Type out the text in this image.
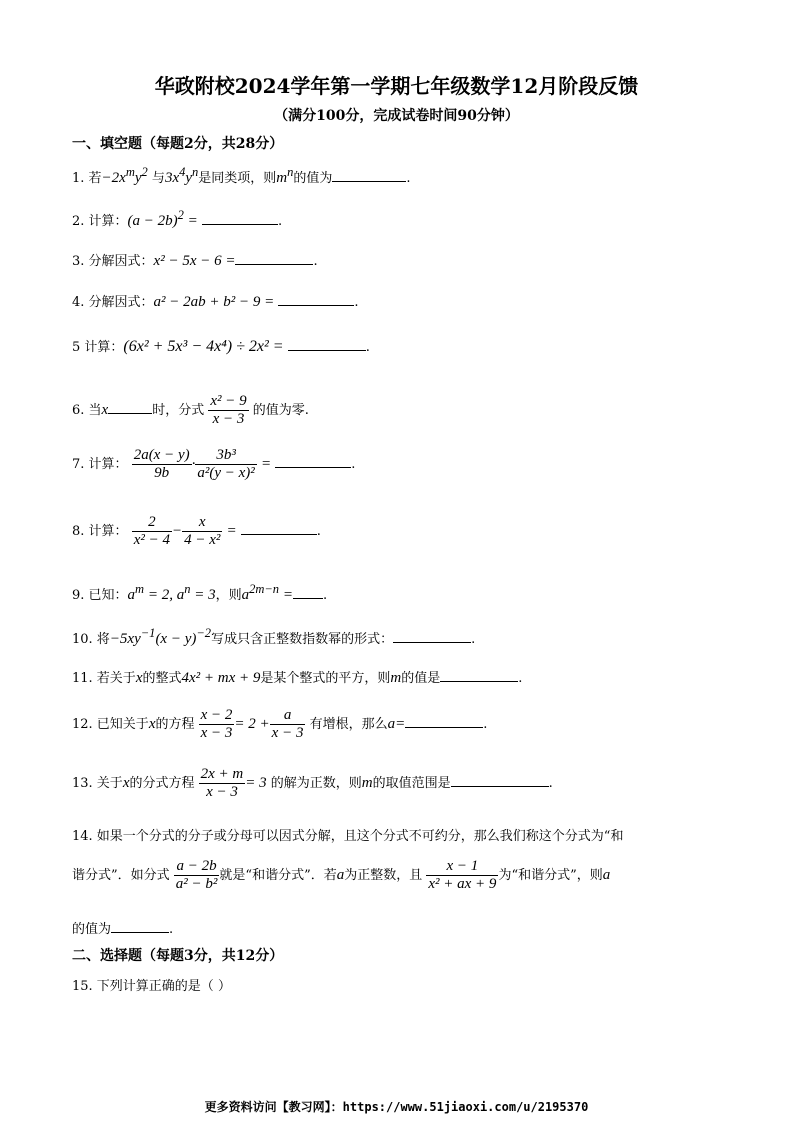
华政附校2024学年第一学期七年级数学12月阶段反馈
（满分100分，完成试卷时间90分钟）
一、填空题（每题2分，共28分）
1. 若$-2x^my^2$ 与$3x^4y^n$是同类项，则$m^n$的值为	.
2. 计算：$(a - 2b)^2$ =	.
3. 分解因式：x² − 5x − 6 =	.
4. 分解因式：a² − 2ab + b² − 9 =	.
5 计算：(6x² + 5x³ − 4x⁴) ÷ 2x² =	.
6. 当x	时，分式 $\frac{\text{x² − 9}}{x - 3}$ 的值为零.
7. 计算： $\frac{2a(x - y)}{9b} \cdot \frac{\text{3b³}}{\text{a²(y − x)²}}$ =	.
8. 计算： $\frac{2}{\text{x² − 4}} - \frac{x}{\text{4 − x²}}$ =	.
9. 已知：$a^m = 2$, $a^n = 3$，则$a^{2m-n}$ = .
10. 将$-5xy^{-1}(x - y)^{-2}$写成只含正整数指数幂的形式：	.
11. 若关于x的整式4x² + mx + 9是某个整式的平方，则m的值是	.
12. 已知关于x的方程 $\frac{x - 2}{x - 3} = 2 + \frac{a}{x - 3}$ 有增根，那么a=	.
13. 关于x的分式方程 $\frac{2x + m}{x - 3} = 3$ 的解为正数，则m的取值范围是	.
14. 如果一个分式的分子或分母可以因式分解，且这个分式不可约分，那么我们称这个分式为“和
谐分式”．如分式 $\frac{a - 2b}{\text{a² − b²}}$ 就是“和谐分式”．若a为正整数，且 $\frac{x - 1}{\text{x² + ax + 9}}$ 为“和谐分式”，则a
的值为	.
二、选择题（每题3分，共12分）
15. 下列计算正确的是（ ）
更多资料访问【教习网】：https://www.51jiaoxi.com/u/2195370
